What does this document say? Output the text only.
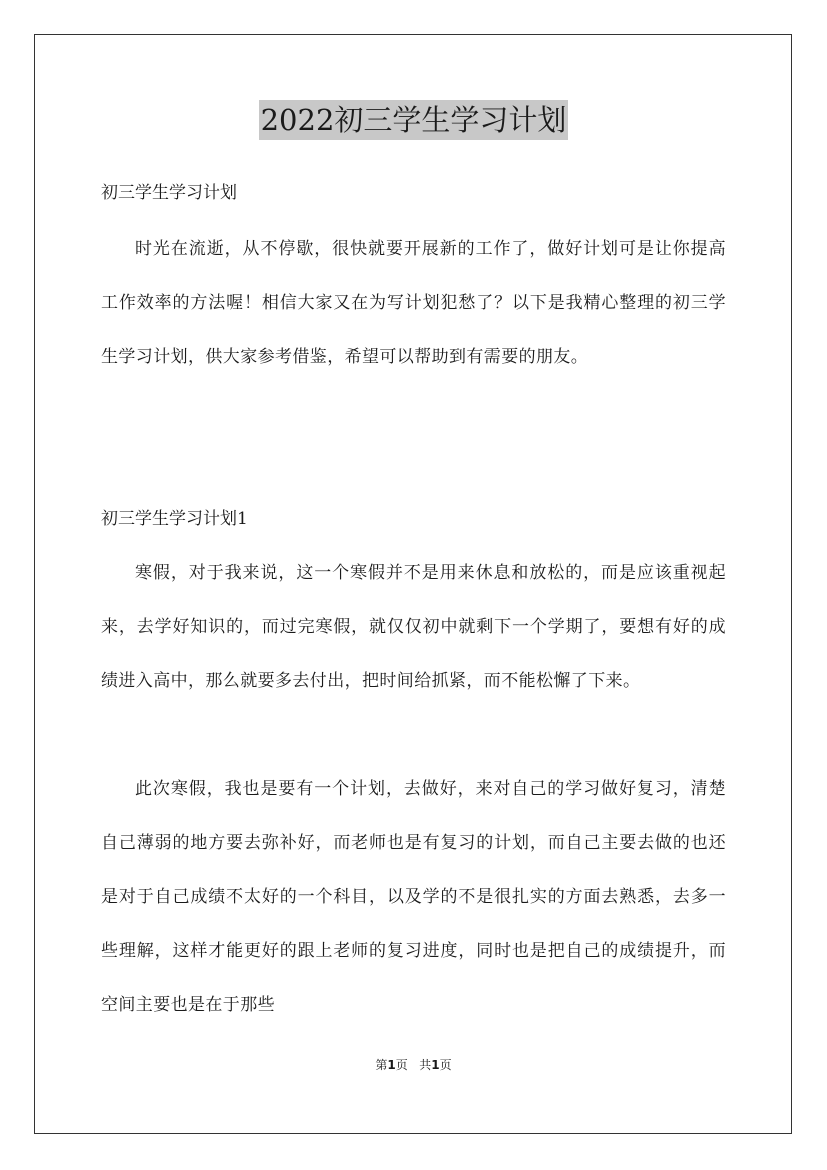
2022初三学生学习计划
初三学生学习计划

时光在流逝，从不停歇，很快就要开展新的工作了，做好计划可是让你提高工作效率的方法喔！相信大家又在为写计划犯愁了？以下是我精心整理的初三学生学习计划，供大家参考借鉴，希望可以帮助到有需要的朋友。

初三学生学习计划1

寒假，对于我来说，这一个寒假并不是用来休息和放松的，而是应该重视起来，去学好知识的，而过完寒假，就仅仅初中就剩下一个学期了，要想有好的成绩进入高中，那么就要多去付出，把时间给抓紧，而不能松懈了下来。

此次寒假，我也是要有一个计划，去做好，来对自己的学习做好复习，清楚自己薄弱的地方要去弥补好，而老师也是有复习的计划，而自己主要去做的也还是对于自己成绩不太好的一个科目，以及学的不是很扎实的方面去熟悉，去多一些理解，这样才能更好的跟上老师的复习进度，同时也是把自己的成绩提升，而空间主要也是在于那些

第1页 共1页
